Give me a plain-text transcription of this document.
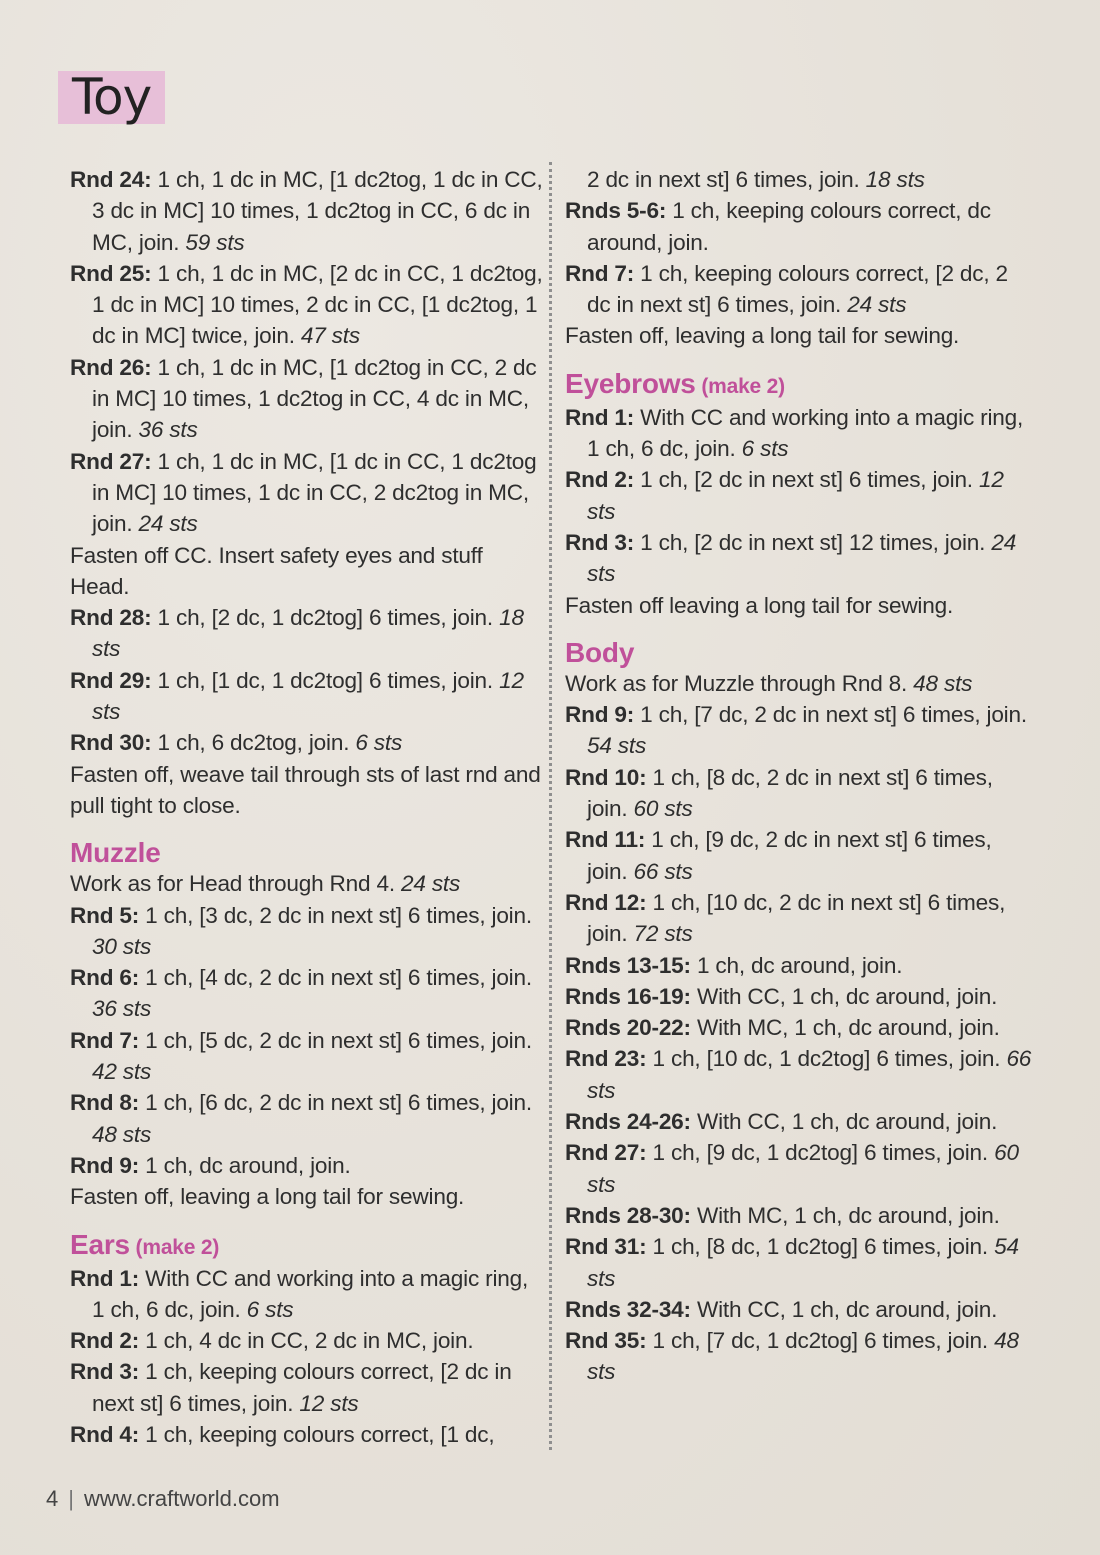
Toy
Rnd 24: 1 ch, 1 dc in MC, [1 dc2tog, 1 dc in CC, 3 dc in MC] 10 times, 1 dc2tog in CC, 6 dc in MC, join. 59 sts
Rnd 25: 1 ch, 1 dc in MC, [2 dc in CC, 1 dc2tog, 1 dc in MC] 10 times, 2 dc in CC, [1 dc2tog, 1 dc in MC] twice, join. 47 sts
Rnd 26: 1 ch, 1 dc in MC, [1 dc2tog in CC, 2 dc in MC] 10 times, 1 dc2tog in CC, 4 dc in MC, join. 36 sts
Rnd 27: 1 ch, 1 dc in MC, [1 dc in CC, 1 dc2tog in MC] 10 times, 1 dc in CC, 2 dc2tog in MC, join. 24 sts
Fasten off CC. Insert safety eyes and stuff Head.
Rnd 28: 1 ch, [2 dc, 1 dc2tog] 6 times, join. 18 sts
Rnd 29: 1 ch, [1 dc, 1 dc2tog] 6 times, join. 12 sts
Rnd 30: 1 ch, 6 dc2tog, join. 6 sts
Fasten off, weave tail through sts of last rnd and pull tight to close.
Muzzle
Work as for Head through Rnd 4. 24 sts
Rnd 5: 1 ch, [3 dc, 2 dc in next st] 6 times, join. 30 sts
Rnd 6: 1 ch, [4 dc, 2 dc in next st] 6 times, join. 36 sts
Rnd 7: 1 ch, [5 dc, 2 dc in next st] 6 times, join. 42 sts
Rnd 8: 1 ch, [6 dc, 2 dc in next st] 6 times, join. 48 sts
Rnd 9: 1 ch, dc around, join.
Fasten off, leaving a long tail for sewing.
Ears (make 2)
Rnd 1: With CC and working into a magic ring, 1 ch, 6 dc, join. 6 sts
Rnd 2: 1 ch, 4 dc in CC, 2 dc in MC, join.
Rnd 3: 1 ch, keeping colours correct, [2 dc in next st] 6 times, join. 12 sts
Rnd 4: 1 ch, keeping colours correct, [1 dc,
2 dc in next st] 6 times, join. 18 sts
Rnds 5-6: 1 ch, keeping colours correct, dc around, join.
Rnd 7: 1 ch, keeping colours correct, [2 dc, 2 dc in next st] 6 times, join. 24 sts
Fasten off, leaving a long tail for sewing.
Eyebrows (make 2)
Rnd 1: With CC and working into a magic ring, 1 ch, 6 dc, join. 6 sts
Rnd 2: 1 ch, [2 dc in next st] 6 times, join. 12 sts
Rnd 3: 1 ch, [2 dc in next st] 12 times, join. 24 sts
Fasten off leaving a long tail for sewing.
Body
Work as for Muzzle through Rnd 8. 48 sts
Rnd 9: 1 ch, [7 dc, 2 dc in next st] 6 times, join. 54 sts
Rnd 10: 1 ch, [8 dc, 2 dc in next st] 6 times, join. 60 sts
Rnd 11: 1 ch, [9 dc, 2 dc in next st] 6 times, join. 66 sts
Rnd 12: 1 ch, [10 dc, 2 dc in next st] 6 times, join. 72 sts
Rnds 13-15: 1 ch, dc around, join.
Rnds 16-19: With CC, 1 ch, dc around, join.
Rnds 20-22: With MC, 1 ch, dc around, join.
Rnd 23: 1 ch, [10 dc, 1 dc2tog] 6 times, join. 66 sts
Rnds 24-26: With CC, 1 ch, dc around, join.
Rnd 27: 1 ch, [9 dc, 1 dc2tog] 6 times, join. 60 sts
Rnds 28-30: With MC, 1 ch, dc around, join.
Rnd 31: 1 ch, [8 dc, 1 dc2tog] 6 times, join. 54 sts
Rnds 32-34: With CC, 1 ch, dc around, join.
Rnd 35: 1 ch, [7 dc, 1 dc2tog] 6 times, join. 48 sts
4 | www.craftworld.com
